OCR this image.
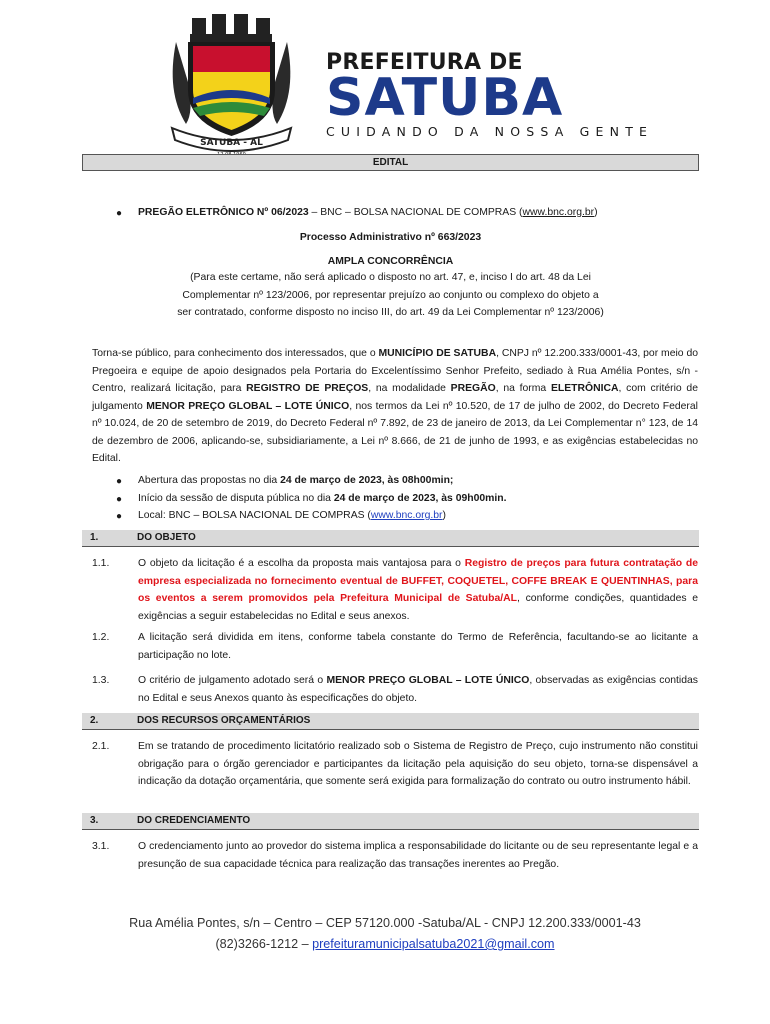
SATUBA - AL
PREFEITURA DE
SATUBA
CUIDANDO DA NOSSA GENTE
EDITAL
● PREGÃO ELETRÔNICO Nº 06/2023 – BNC – BOLSA NACIONAL DE COMPRAS (www.bnc.org.br)
Processo Administrativo nº 663/2023
AMPLA CONCORRÊNCIA
(Para este certame, não será aplicado o disposto no art. 47, e, inciso I do art. 48 da Lei
Complementar nº 123/2006, por representar prejuízo ao conjunto ou complexo do objeto a
ser contratado, conforme disposto no inciso III, do art. 49 da Lei Complementar nº 123/2006)
Torna-se público, para conhecimento dos interessados, que o MUNICÍPIO DE SATUBA, CNPJ nº 12.200.333/0001-43, por meio do Pregoeira e equipe de apoio designados pela Portaria do Excelentíssimo Senhor Prefeito, sediado à Rua Amélia Pontes, s/n - Centro, realizará licitação, para REGISTRO DE PREÇOS, na modalidade PREGÃO, na forma ELETRÔNICA, com critério de julgamento MENOR PREÇO GLOBAL – LOTE ÚNICO, nos termos da Lei nº 10.520, de 17 de julho de 2002, do Decreto Federal nº 10.024, de 20 de setembro de 2019, do Decreto Federal nº 7.892, de 23 de janeiro de 2013, da Lei Complementar n° 123, de 14 de dezembro de 2006, aplicando-se, subsidiariamente, a Lei nº 8.666, de 21 de junho de 1993, e as exigências estabelecidas no Edital.
● Abertura das propostas no dia 24 de março de 2023, às 08h00min;
● Início da sessão de disputa pública no dia 24 de março de 2023, às 09h00min.
● Local: BNC – BOLSA NACIONAL DE COMPRAS (www.bnc.org.br)
1.	DO OBJETO
1.1.	O objeto da licitação é a escolha da proposta mais vantajosa para o Registro de preços para futura contratação de empresa especializada no fornecimento eventual de BUFFET, COQUETEL, COFFE BREAK E QUENTINHAS, para os eventos a serem promovidos pela Prefeitura Municipal de Satuba/AL, conforme condições, quantidades e exigências a seguir estabelecidas no Edital e seus anexos.
1.2.	A licitação será dividida em itens, conforme tabela constante do Termo de Referência, facultando-se ao licitante a participação no lote.
1.3.	O critério de julgamento adotado será o MENOR PREÇO GLOBAL – LOTE ÚNICO, observadas as exigências contidas no Edital e seus Anexos quanto às especificações do objeto.
2.	DOS RECURSOS ORÇAMENTÁRIOS
2.1.	Em se tratando de procedimento licitatório realizado sob o Sistema de Registro de Preço, cujo instrumento não constitui obrigação para o órgão gerenciador e participantes da licitação pela aquisição do seu objeto, torna-se dispensável a indicação da dotação orçamentária, que somente será exigida para formalização do contrato ou outro instrumento hábil.
3.	DO CREDENCIAMENTO
3.1.	O credenciamento junto ao provedor do sistema implica a responsabilidade do licitante ou de seu representante legal e a presunção de sua capacidade técnica para realização das transações inerentes ao Pregão.
Rua Amélia Pontes, s/n – Centro – CEP 57120.000 -Satuba/AL - CNPJ 12.200.333/0001-43
(82)3266-1212 – prefeituramunicipalsatuba2021@gmail.com
